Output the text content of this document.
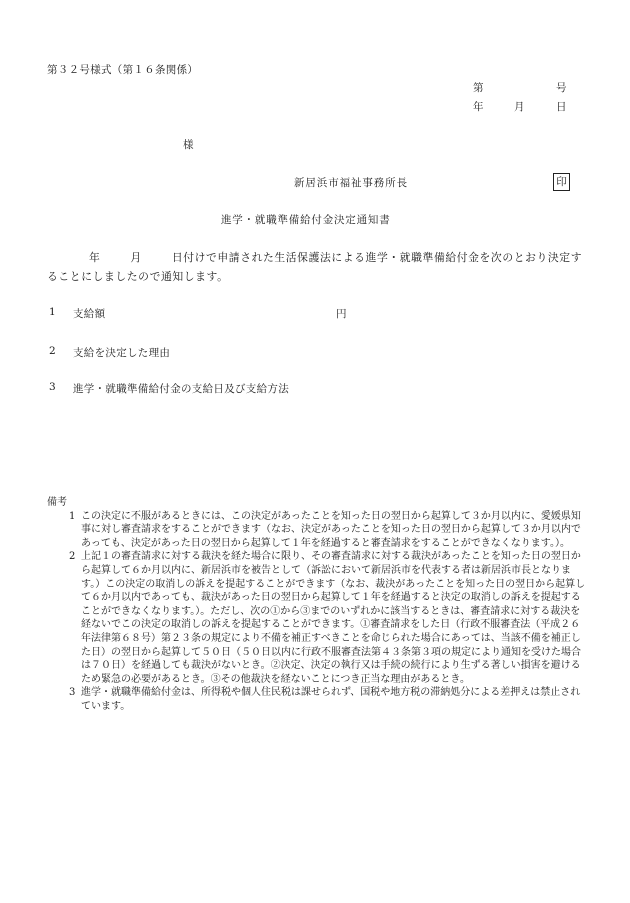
第３２号様式（第１６条関係）
第	号
年	月	日
様
新居浜市福祉事務所長	印
進学・就職準備給付金決定通知書
年	月	日付けで申請された生活保護法による進学・就職準備給付金を次のとおり決定することにしましたので通知します。
1 支給額	円
2 支給を決定した理由
3 進学・就職準備給付金の支給日及び支給方法
備考
1 この決定に不服があるときには、この決定があったことを知った日の翌日から起算して３か月以内に、愛媛県知事に対し審査請求をすることができます（なお、決定があったことを知った日の翌日から起算して３か月以内であっても、決定があった日の翌日から起算して１年を経過すると審査請求をすることができなくなります。）。
2 上記１の審査請求に対する裁決を経た場合に限り、その審査請求に対する裁決があったことを知った日の翌日から起算して６か月以内に、新居浜市を被告として（訴訟において新居浜市を代表する者は新居浜市長となります。）この決定の取消しの訴えを提起することができます（なお、裁決があったことを知った日の翌日から起算して６か月以内であっても、裁決があった日の翌日から起算して１年を経過すると決定の取消しの訴えを提起することができなくなります。）。ただし、次の①から③までのいずれかに該当するときは、審査請求に対する裁決を経ないでこの決定の取消しの訴えを提起することができます。①審査請求をした日（行政不服審査法（平成２６年法律第６８号）第２３条の規定により不備を補正すべきことを命じられた場合にあっては、当該不備を補正した日）の翌日から起算して５０日（５０日以内に行政不服審査法第４３条第３項の規定により通知を受けた場合は７０日）を経過しても裁決がないとき。②決定、決定の執行又は手続の続行により生ずる著しい損害を避けるため緊急の必要があるとき。③その他裁決を経ないことにつき正当な理由があるとき。
3 進学・就職準備給付金は、所得税や個人住民税は課せられず、国税や地方税の滞納処分による差押えは禁止されています。
